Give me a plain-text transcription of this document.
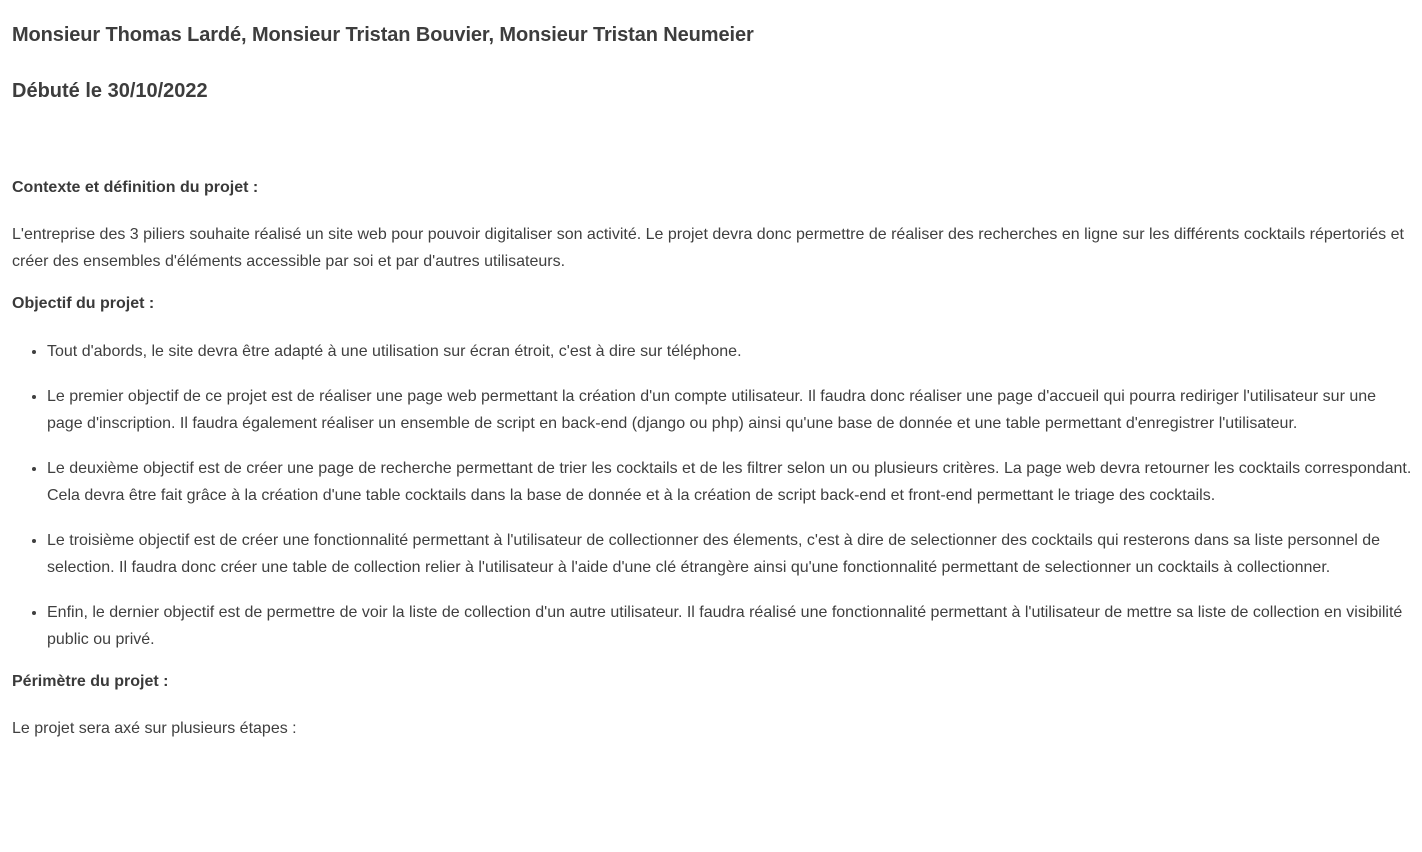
Monsieur Thomas Lardé, Monsieur Tristan Bouvier, Monsieur Tristan Neumeier
Débuté le 30/10/2022
Contexte et définition du projet :

L'entreprise des 3 piliers souhaite réalisé un site web pour pouvoir digitaliser son activité. Le projet devra donc permettre de réaliser des recherches en ligne sur les différents cocktails répertoriés et créer des ensembles d'éléments accessible par soi et par d'autres utilisateurs.

Objectif du projet :
• Tout d'abords, le site devra être adapté à une utilisation sur écran étroit, c'est à dire sur téléphone.
• Le premier objectif de ce projet est de réaliser une page web permettant la création d'un compte utilisateur. Il faudra donc réaliser une page d'accueil qui pourra rediriger l'utilisateur sur une page d'inscription. Il faudra également réaliser un ensemble de script en back-end (django ou php) ainsi qu'une base de donnée et une table permettant d'enregistrer l'utilisateur.
• Le deuxième objectif est de créer une page de recherche permettant de trier les cocktails et de les filtrer selon un ou plusieurs critères. La page web devra retourner les cocktails correspondant. Cela devra être fait grâce à la création d'une table cocktails dans la base de donnée et à la création de script back-end et front-end permettant le triage des cocktails.
• Le troisième objectif est de créer une fonctionnalité permettant à l'utilisateur de collectionner des élements, c'est à dire de selectionner des cocktails qui resterons dans sa liste personnel de selection. Il faudra donc créer une table de collection relier à l'utilisateur à l'aide d'une clé étrangère ainsi qu'une fonctionnalité permettant de selectionner un cocktails à collectionner.
• Enfin, le dernier objectif est de permettre de voir la liste de collection d'un autre utilisateur. Il faudra réalisé une fonctionnalité permettant à l'utilisateur de mettre sa liste de collection en visibilité public ou privé.
Périmètre du projet :

Le projet sera axé sur plusieurs étapes :
